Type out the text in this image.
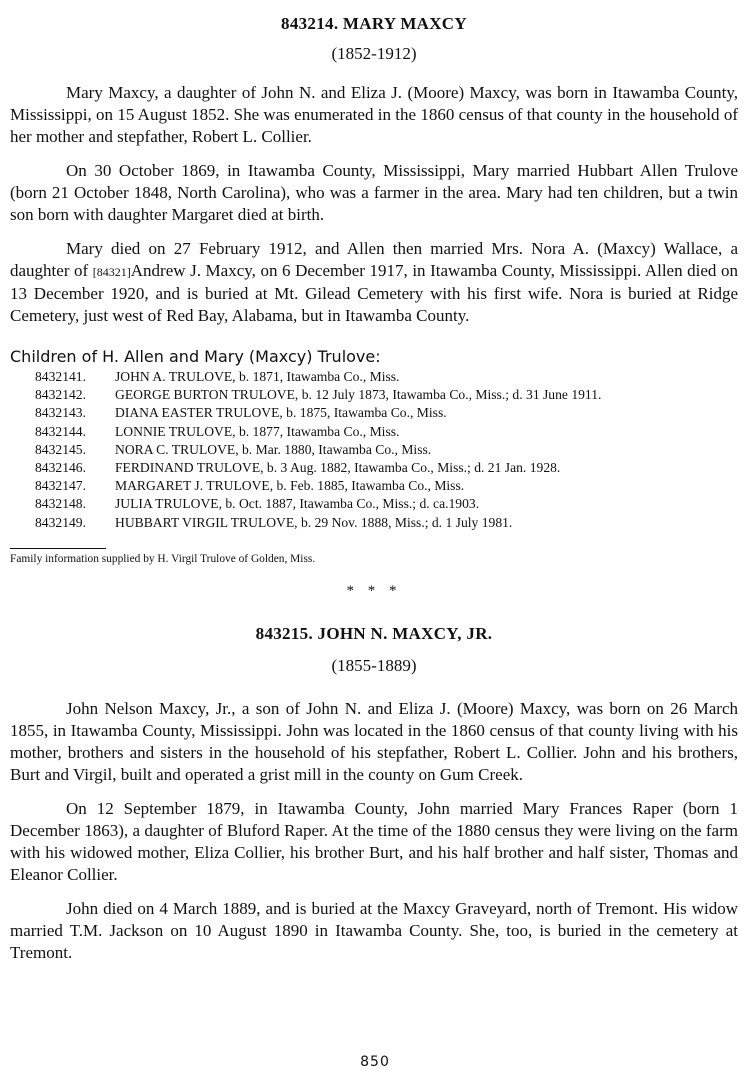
843214. MARY MAXCY
(1852-1912)

Mary Maxcy, a daughter of John N. and Eliza J. (Moore) Maxcy, was born in Itawamba County, Mississippi, on 15 August 1852. She was enumerated in the 1860 census of that county in the household of her mother and stepfather, Robert L. Collier.

On 30 October 1869, in Itawamba County, Mississippi, Mary married Hubbart Allen Trulove (born 21 October 1848, North Carolina), who was a farmer in the area. Mary had ten children, but a twin son born with daughter Margaret died at birth.

Mary died on 27 February 1912, and Allen then married Mrs. Nora A. (Maxcy) Wallace, a daughter of [84321]Andrew J. Maxcy, on 6 December 1917, in Itawamba County, Mississippi. Allen died on 13 December 1920, and is buried at Mt. Gilead Cemetery with his first wife. Nora is buried at Ridge Cemetery, just west of Red Bay, Alabama, but in Itawamba County.

Children of H. Allen and Mary (Maxcy) Trulove:
8432141. JOHN A. TRULOVE, b. 1871, Itawamba Co., Miss.
8432142. GEORGE BURTON TRULOVE, b. 12 July 1873, Itawamba Co., Miss.; d. 31 June 1911.
8432143. DIANA EASTER TRULOVE, b. 1875, Itawamba Co., Miss.
8432144. LONNIE TRULOVE, b. 1877, Itawamba Co., Miss.
8432145. NORA C. TRULOVE, b. Mar. 1880, Itawamba Co., Miss.
8432146. FERDINAND TRULOVE, b. 3 Aug. 1882, Itawamba Co., Miss.; d. 21 Jan. 1928.
8432147. MARGARET J. TRULOVE, b. Feb. 1885, Itawamba Co., Miss.
8432148. JULIA TRULOVE, b. Oct. 1887, Itawamba Co., Miss.; d. ca.1903.
8432149. HUBBART VIRGIL TRULOVE, b. 29 Nov. 1888, Miss.; d. 1 July 1981.

Family information supplied by H. Virgil Trulove of Golden, Miss.

* * *
843215. JOHN N. MAXCY, JR.
(1855-1889)

John Nelson Maxcy, Jr., a son of John N. and Eliza J. (Moore) Maxcy, was born on 26 March 1855, in Itawamba County, Mississippi. John was located in the 1860 census of that county living with his mother, brothers and sisters in the household of his stepfather, Robert L. Collier. John and his brothers, Burt and Virgil, built and operated a grist mill in the county on Gum Creek.

On 12 September 1879, in Itawamba County, John married Mary Frances Raper (born 1 December 1863), a daughter of Bluford Raper. At the time of the 1880 census they were living on the farm with his widowed mother, Eliza Collier, his brother Burt, and his half brother and half sister, Thomas and Eleanor Collier.

John died on 4 March 1889, and is buried at the Maxcy Graveyard, north of Tremont. His widow married T.M. Jackson on 10 August 1890 in Itawamba County. She, too, is buried in the cemetery at Tremont.

850
